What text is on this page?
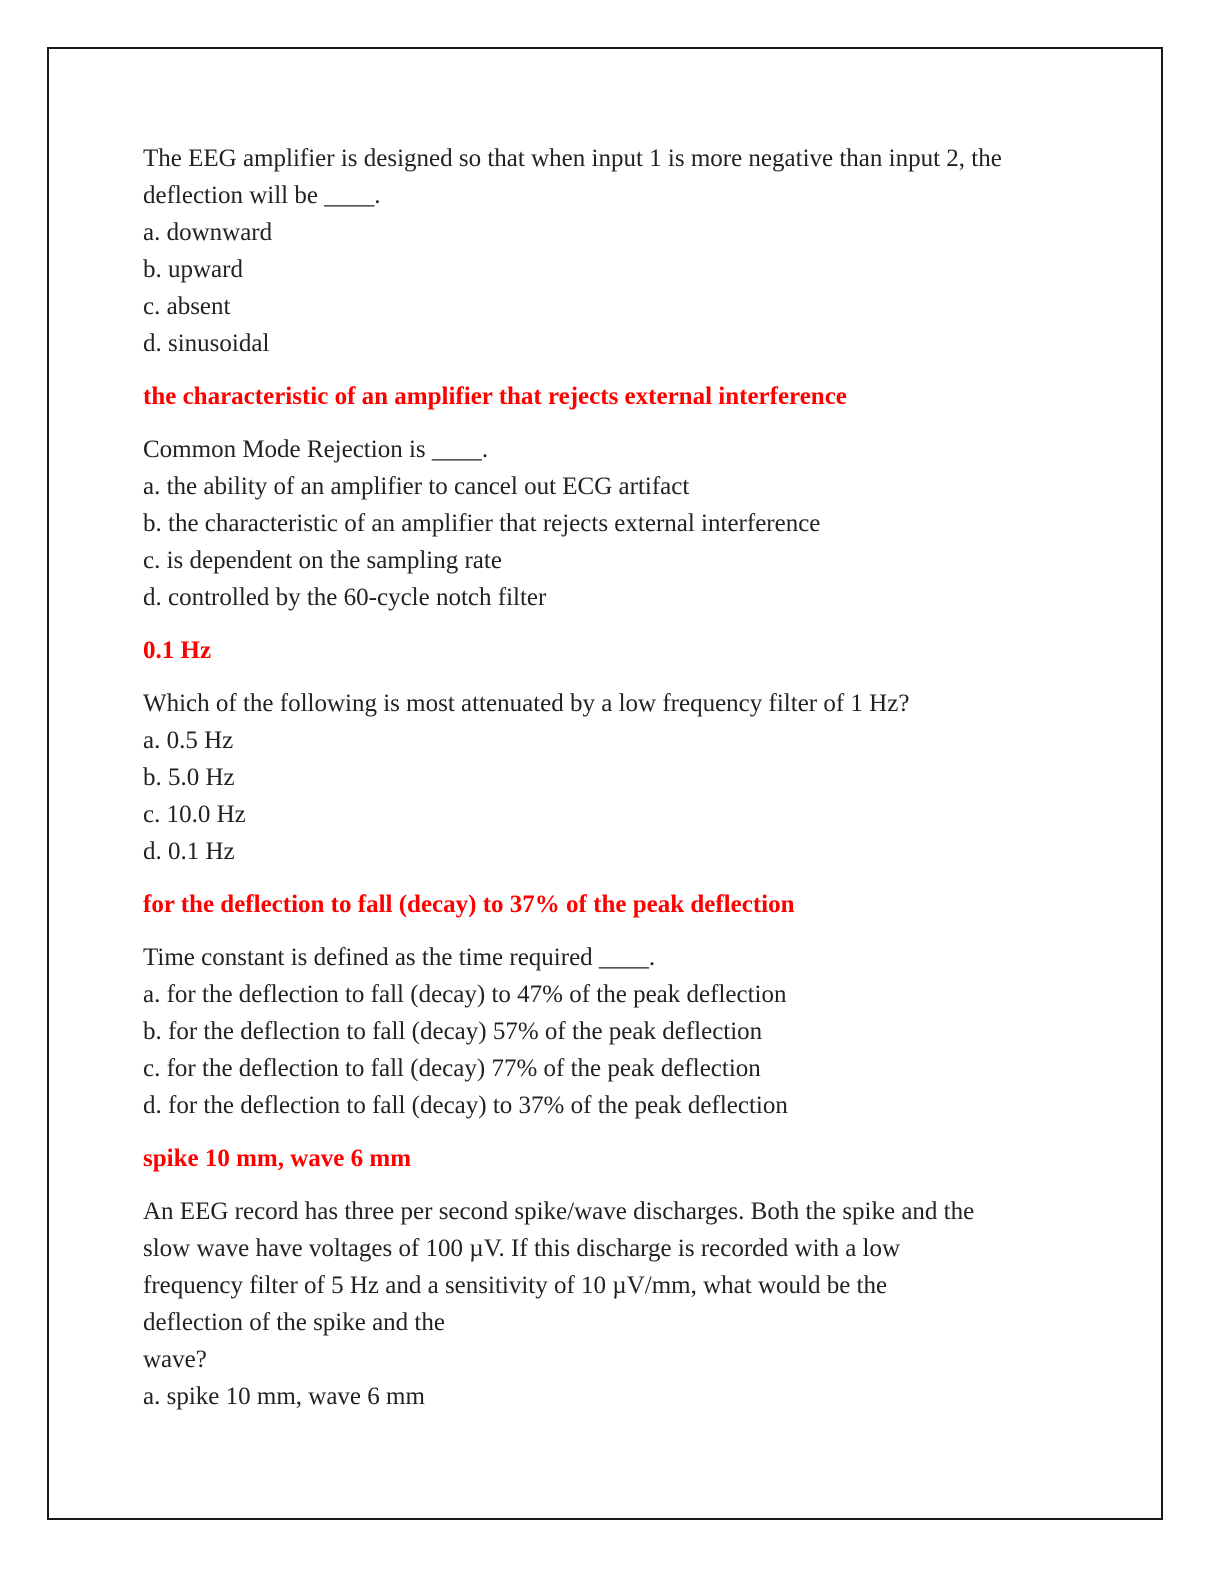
The EEG amplifier is designed so that when input 1 is more negative than input 2, the deflection will be ____.

a. downward

b. upward

c. absent

d. sinusoidal

the characteristic of an amplifier that rejects external interference

Common Mode Rejection is ____.

a. the ability of an amplifier to cancel out ECG artifact

b. the characteristic of an amplifier that rejects external interference

c. is dependent on the sampling rate

d. controlled by the 60-cycle notch filter

0.1 Hz

Which of the following is most attenuated by a low frequency filter of 1 Hz?

a. 0.5 Hz

b. 5.0 Hz

c. 10.0 Hz

d. 0.1 Hz

for the deflection to fall (decay) to 37% of the peak deflection

Time constant is defined as the time required ____.

a. for the deflection to fall (decay) to 47% of the peak deflection

b. for the deflection to fall (decay) 57% of the peak deflection

c. for the deflection to fall (decay) 77% of the peak deflection

d. for the deflection to fall (decay) to 37% of the peak deflection

spike 10 mm, wave 6 mm

An EEG record has three per second spike/wave discharges. Both the spike and the

slow wave have voltages of 100 µV. If this discharge is recorded with a low

frequency filter of 5 Hz and a sensitivity of 10 µV/mm, what would be the

deflection of the spike and the

wave?

a. spike 10 mm, wave 6 mm
